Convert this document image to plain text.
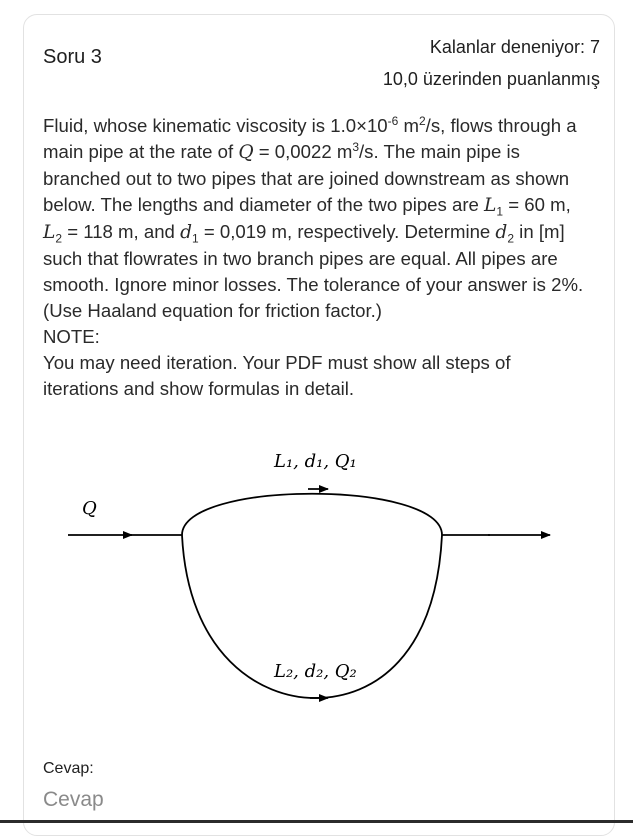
Soru 3	Kalanlar deneniyor: 7
10,0 üzerinden puanlanmış

Fluid, whose kinematic viscosity is $1.0\times 10^{-6}$ $m^2/s$, flows through a main pipe at the rate of Q = 0,0022 $m^3/s$. The main pipe is branched out to two pipes that are joined downstream as shown below. The lengths and diameter of the two pipes are $L_1 = 60$ m, $L_2 = 118$ m, and $d_1 = 0,019$ m, respectively. Determine $d_2$ in [m] such that flowrates in two branch pipes are equal. All pipes are smooth. Ignore minor losses. The tolerance of your answer is 2%. (Use Haaland equation for friction factor.)

NOTE:

You may need iteration. Your PDF must show all steps of iterations and show formulas in detail.

Q
L₁, d₁, Q₁
L₂, d₂, Q₂
Cevap:
Cevap
